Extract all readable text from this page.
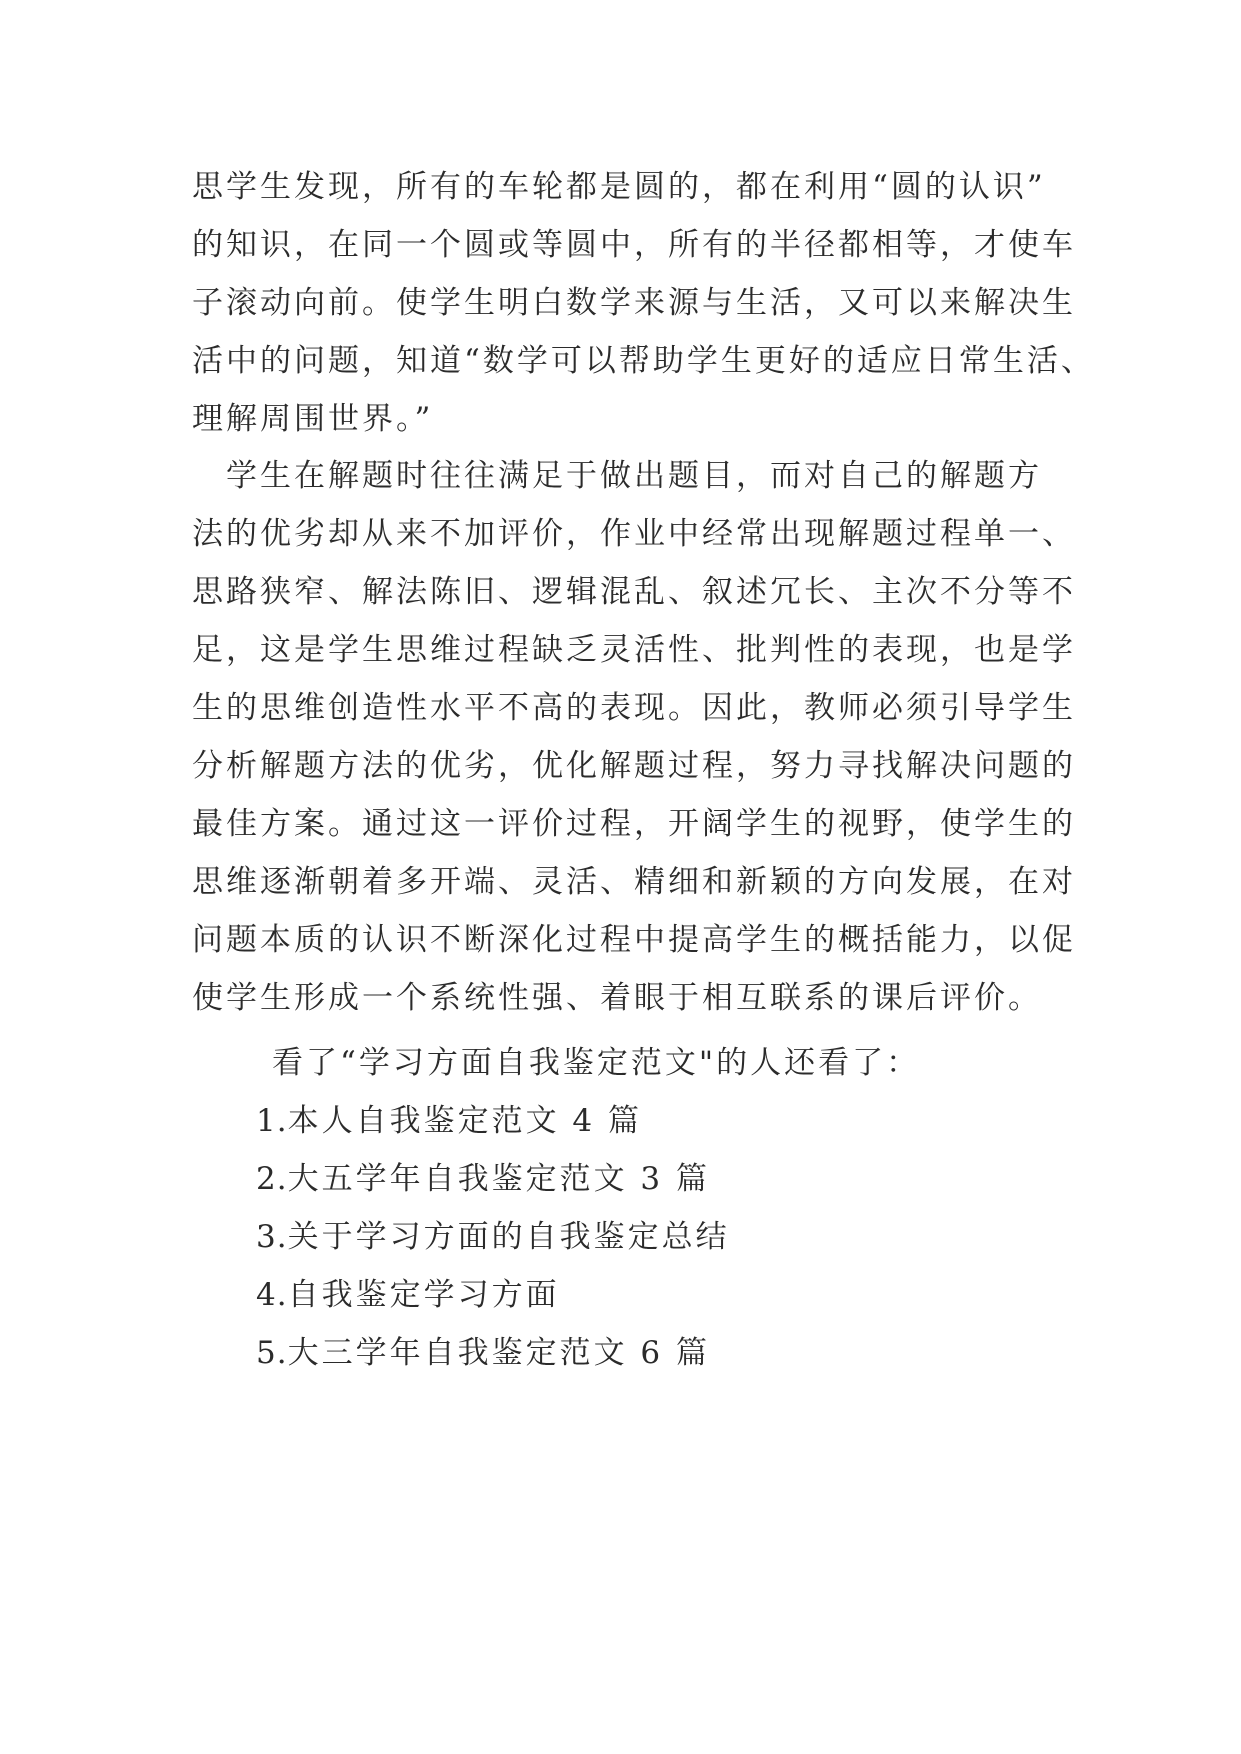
思学生发现，所有的车轮都是圆的，都在利用“圆的认识”
的知识，在同一个圆或等圆中，所有的半径都相等，才使车
子滚动向前。使学生明白数学来源与生活，又可以来解决生
活中的问题，知道“数学可以帮助学生更好的适应日常生活、
理解周围世界。”
　学生在解题时往往满足于做出题目，而对自己的解题方
法的优劣却从来不加评价，作业中经常出现解题过程单一、
思路狭窄、解法陈旧、逻辑混乱、叙述冗长、主次不分等不
足，这是学生思维过程缺乏灵活性、批判性的表现，也是学
生的思维创造性水平不高的表现。因此，教师必须引导学生
分析解题方法的优劣，优化解题过程，努力寻找解决问题的
最佳方案。通过这一评价过程，开阔学生的视野，使学生的
思维逐渐朝着多开端、灵活、精细和新颖的方向发展，在对
问题本质的认识不断深化过程中提高学生的概括能力，以促
使学生形成一个系统性强、着眼于相互联系的课后评价。
看了“学习方面自我鉴定范文"的人还看了：
1.本人自我鉴定范文 4 篇
2.大五学年自我鉴定范文 3 篇
3.关于学习方面的自我鉴定总结
4.自我鉴定学习方面
5.大三学年自我鉴定范文 6 篇
